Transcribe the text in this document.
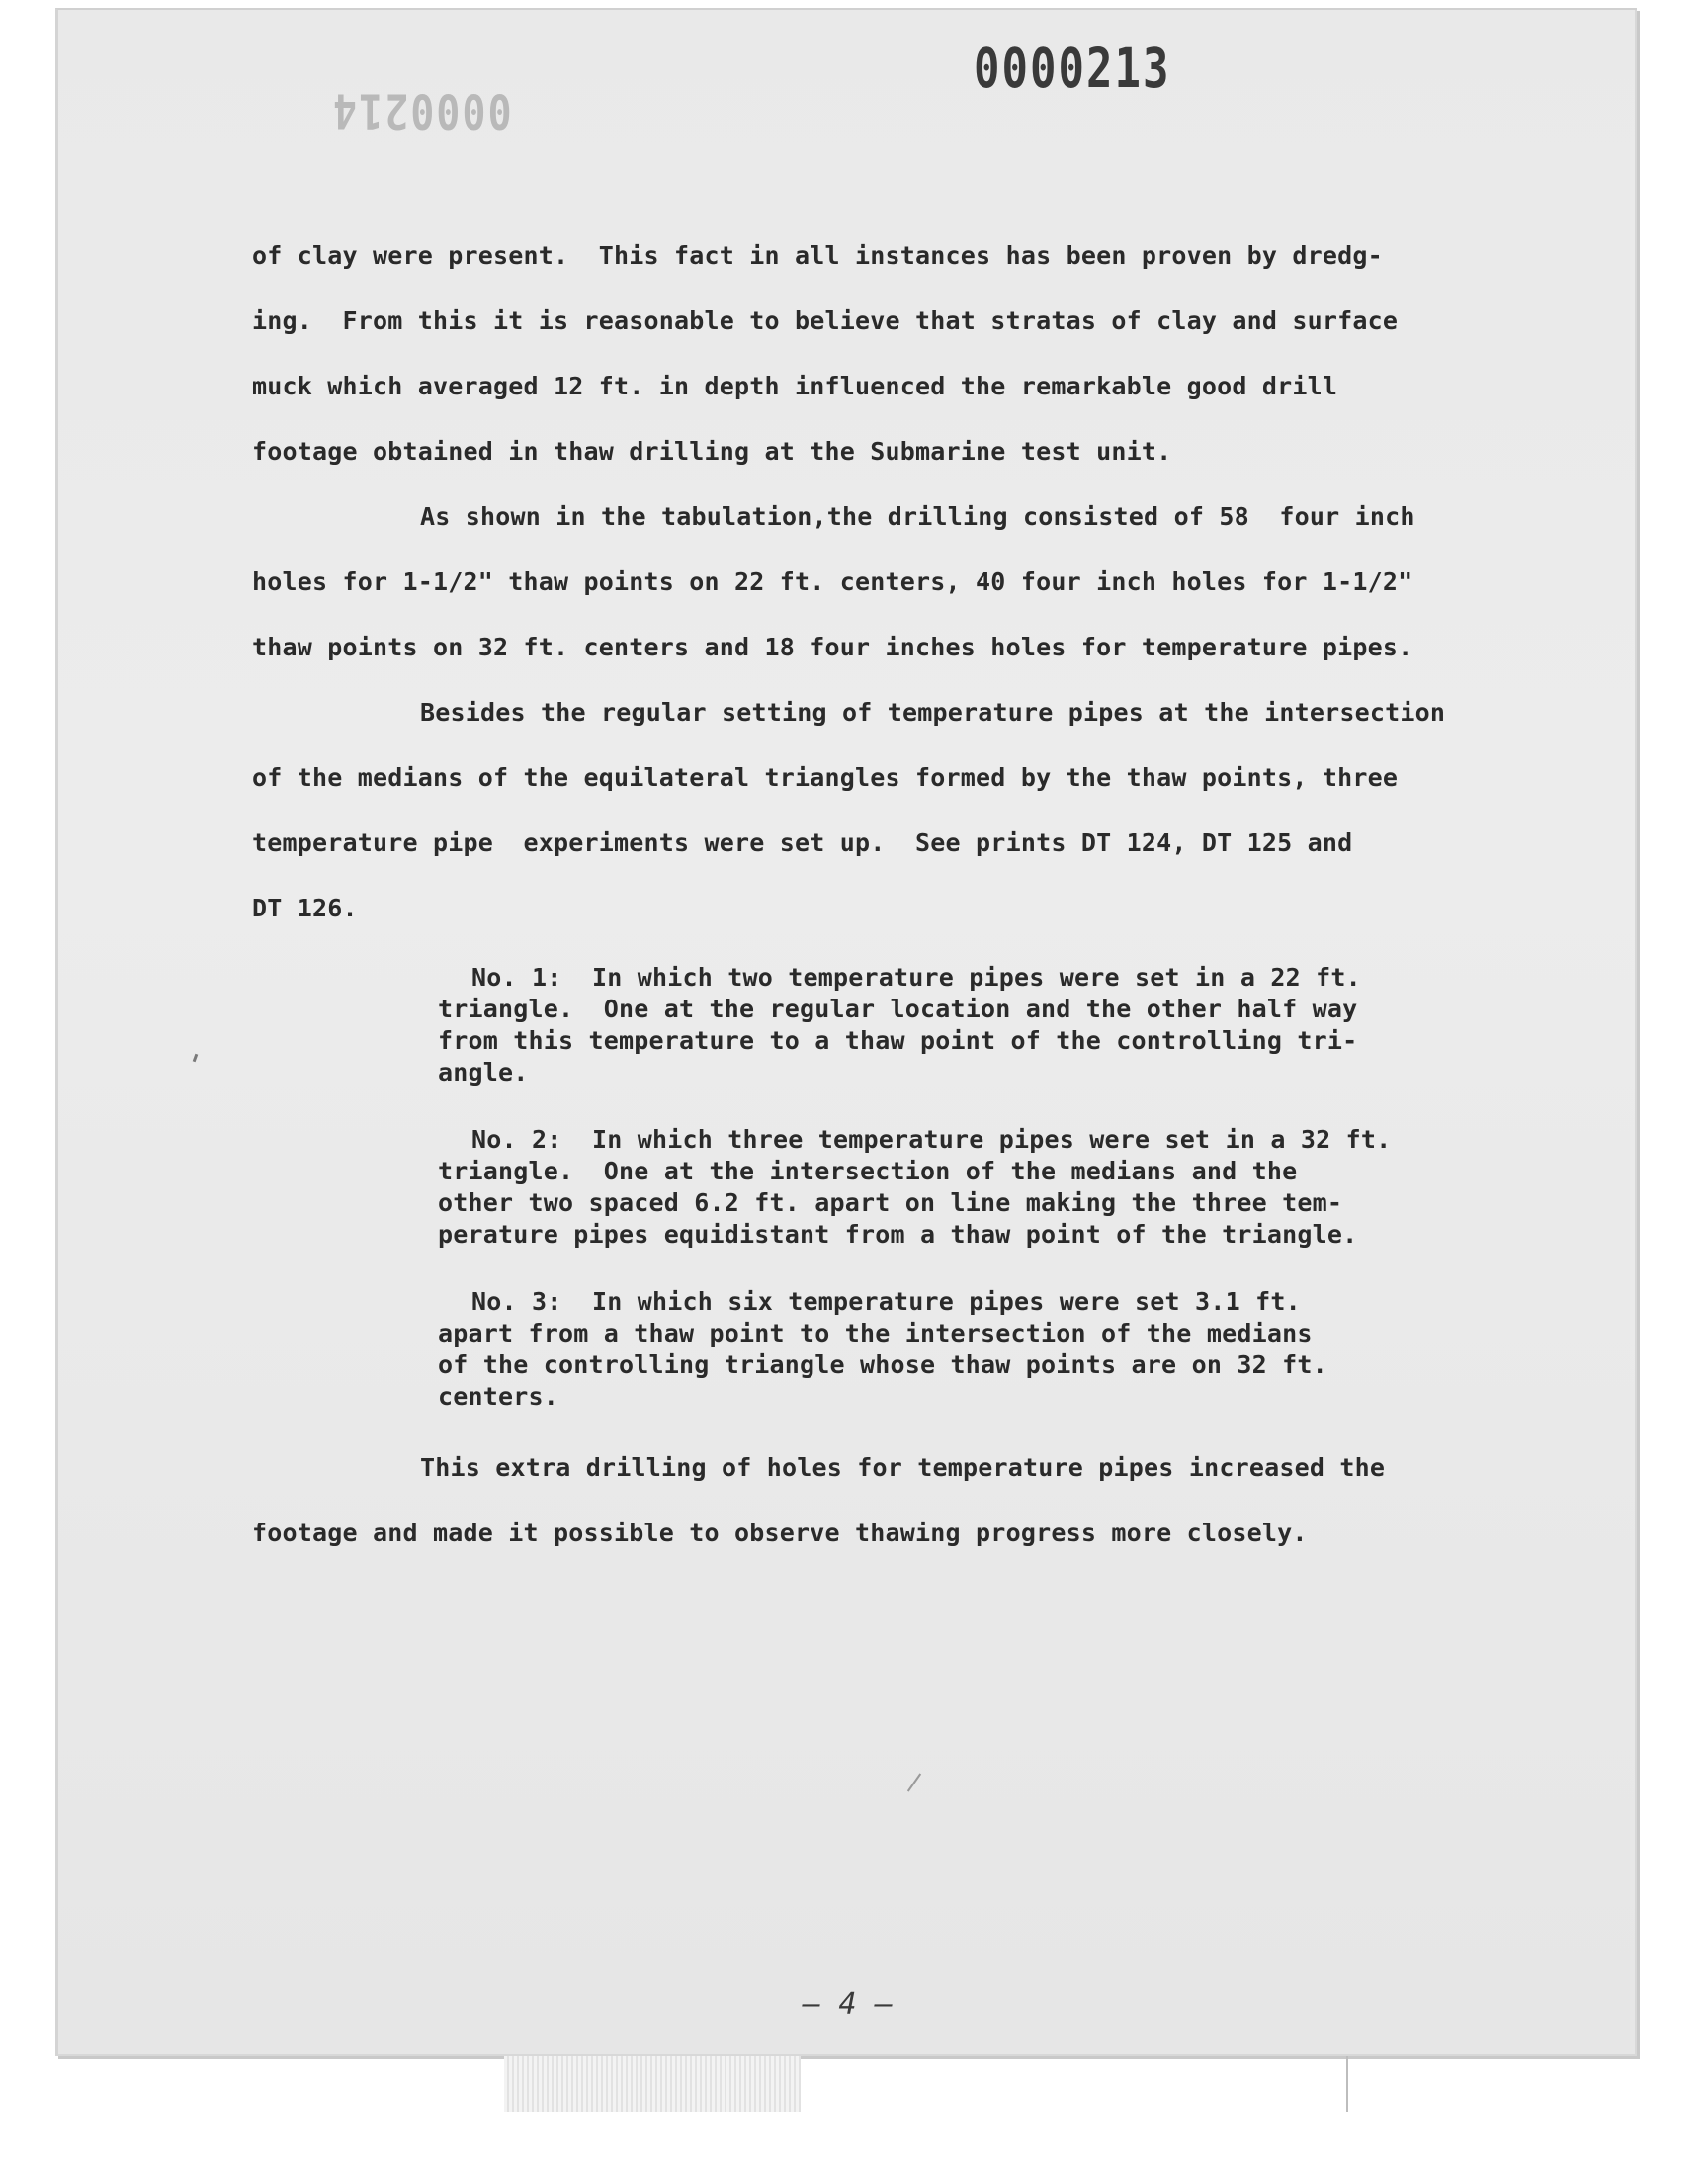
0000213
0000214
of clay were present.  This fact in all instances has been proven by dredg-
ing.  From this it is reasonable to believe that stratas of clay and surface
muck which averaged 12 ft. in depth influenced the remarkable good drill
footage obtained in thaw drilling at the Submarine test unit.
As shown in the tabulation,the drilling consisted of 58  four inch
holes for 1-1/2" thaw points on 22 ft. centers, 40 four inch holes for 1-1/2"
thaw points on 32 ft. centers and 18 four inches holes for temperature pipes.
Besides the regular setting of temperature pipes at the intersection
of the medians of the equilateral triangles formed by the thaw points, three
temperature pipe  experiments were set up.  See prints DT 124, DT 125 and
DT 126.
No. 1:  In which two temperature pipes were set in a 22 ft.
triangle.  One at the regular location and the other half way
from this temperature to a thaw point of the controlling tri-
angle.
No. 2:  In which three temperature pipes were set in a 32 ft.
triangle.  One at the intersection of the medians and the
other two spaced 6.2 ft. apart on line making the three tem-
perature pipes equidistant from a thaw point of the triangle.
No. 3:  In which six temperature pipes were set 3.1 ft.
apart from a thaw point to the intersection of the medians
of the controlling triangle whose thaw points are on 32 ft.
centers.
This extra drilling of holes for temperature pipes increased the
footage and made it possible to observe thawing progress more closely.
— 4 —
